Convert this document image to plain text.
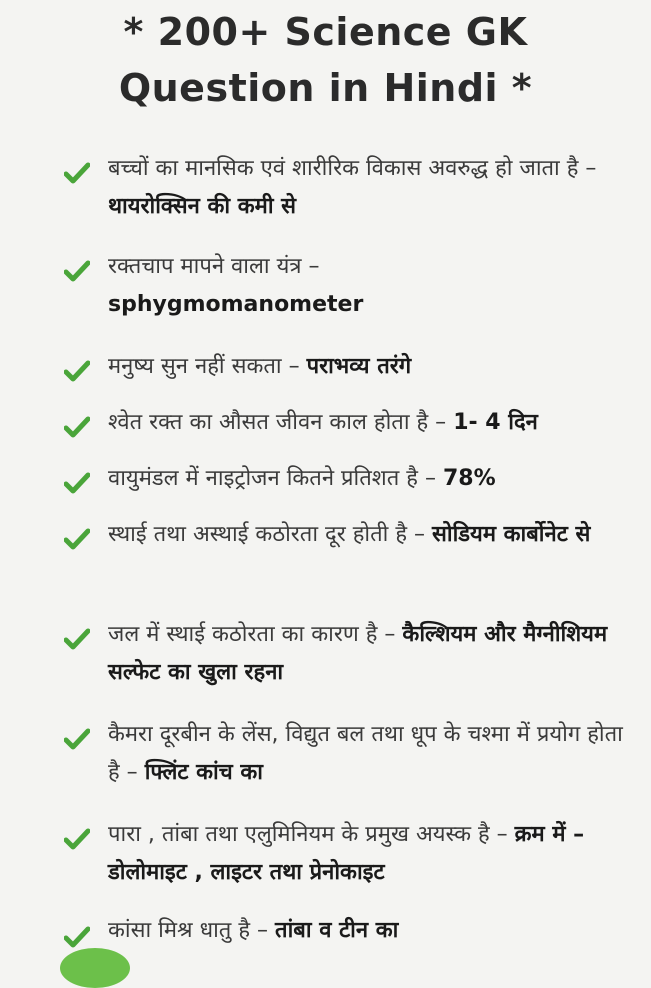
* 200+ Science GK
Question in Hindi *
बच्चों का मानसिक एवं शारीरिक विकास अवरुद्ध हो जाता है – थायरोक्सिन की कमी से
रक्तचाप मापने वाला यंत्र –
sphygmomanometer
मनुष्य सुन नहीं सकता – पराभव्य तरंगे
श्वेत रक्त का औसत जीवन काल होता है – 1- 4 दिन
वायुमंडल में नाइट्रोजन कितने प्रतिशत है – 78%
स्थाई तथा अस्थाई कठोरता दूर होती है – सोडियम कार्बोनेट से
जल में स्थाई कठोरता का कारण है – कैल्शियम और मैग्नीशियम सल्फेट का खुला रहना
कैमरा दूरबीन के लेंस, विद्युत बल तथा धूप के चश्मा में प्रयोग होता है – फ्लिंट कांच का
पारा , तांबा तथा एलुमिनियम के प्रमुख अयस्क है – क्रम में – डोलोमाइट , लाइटर तथा प्रेनोकाइट
कांसा मिश्र धातु है – तांबा व टीन का
